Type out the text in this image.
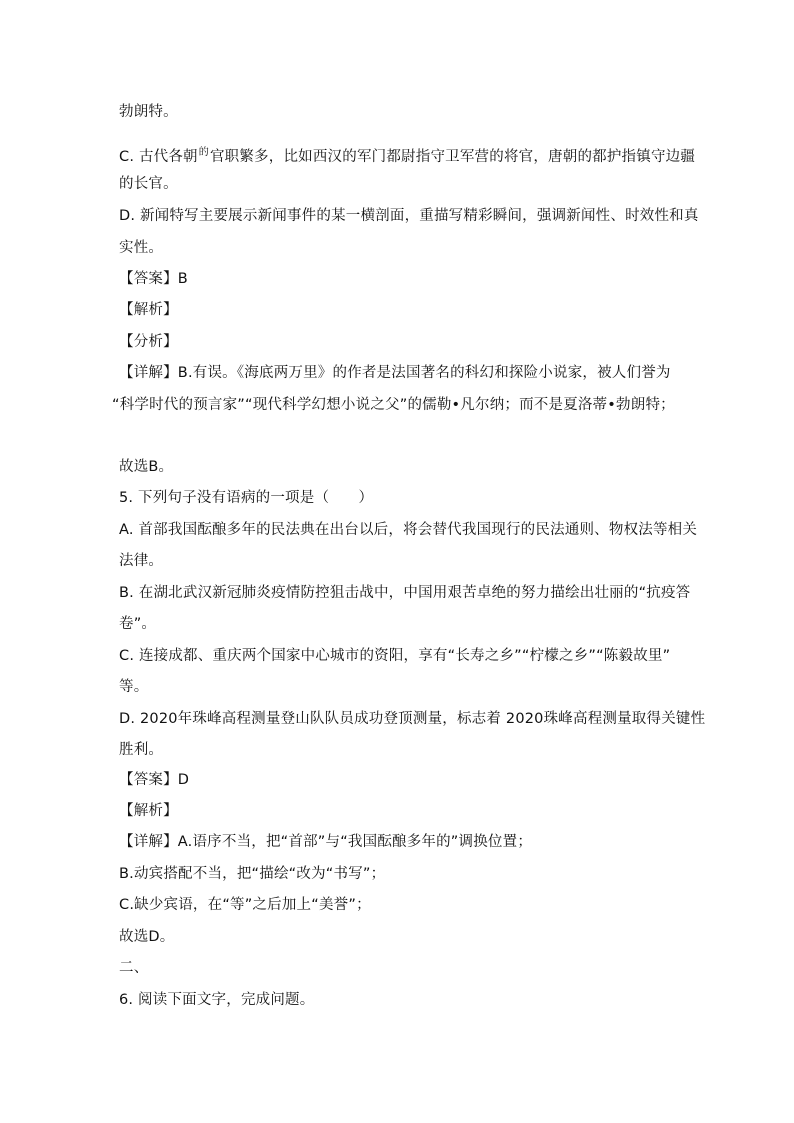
勃朗特。
C. 古代各朝$^的$官职繁多，比如西汉的军门都尉指守卫军营的将官，唐朝的都护指镇守边疆
的长官。
D. 新闻特写主要展示新闻事件的某一横剖面，重描写精彩瞬间，强调新闻性、时效性和真
实性。
【答案】B
【解析】
【分析】
【详解】B.有误。《海底两万里》的作者是法国著名的科幻和探险小说家，被人们誉为
“科学时代的预言家”“现代科学幻想小说之父”的儒勒•凡尔纳；而不是夏洛蒂•勃朗特；
故选B。
5. 下列句子没有语病的一项是（　　）
A. 首部我国酝酿多年的民法典在出台以后，将会替代我国现行的民法通则、物权法等相关
法律。
B. 在湖北武汉新冠肺炎疫情防控狙击战中，中国用艰苦卓绝的努力描绘出壮丽的“抗疫答
卷”。
C. 连接成都、重庆两个国家中心城市的资阳，享有“长寿之乡”“柠檬之乡”“陈毅故里”
等。
D. 2020年珠峰高程测量登山队队员成功登顶测量，标志着 2020珠峰高程测量取得关键性
胜利。
【答案】D
【解析】
【详解】A.语序不当，把“首部”与“我国酝酿多年的”调换位置；
B.动宾搭配不当，把“描绘“改为“书写”；
C.缺少宾语，在“等”之后加上“美誉”；
故选D。
二、
6. 阅读下面文字，完成问题。
